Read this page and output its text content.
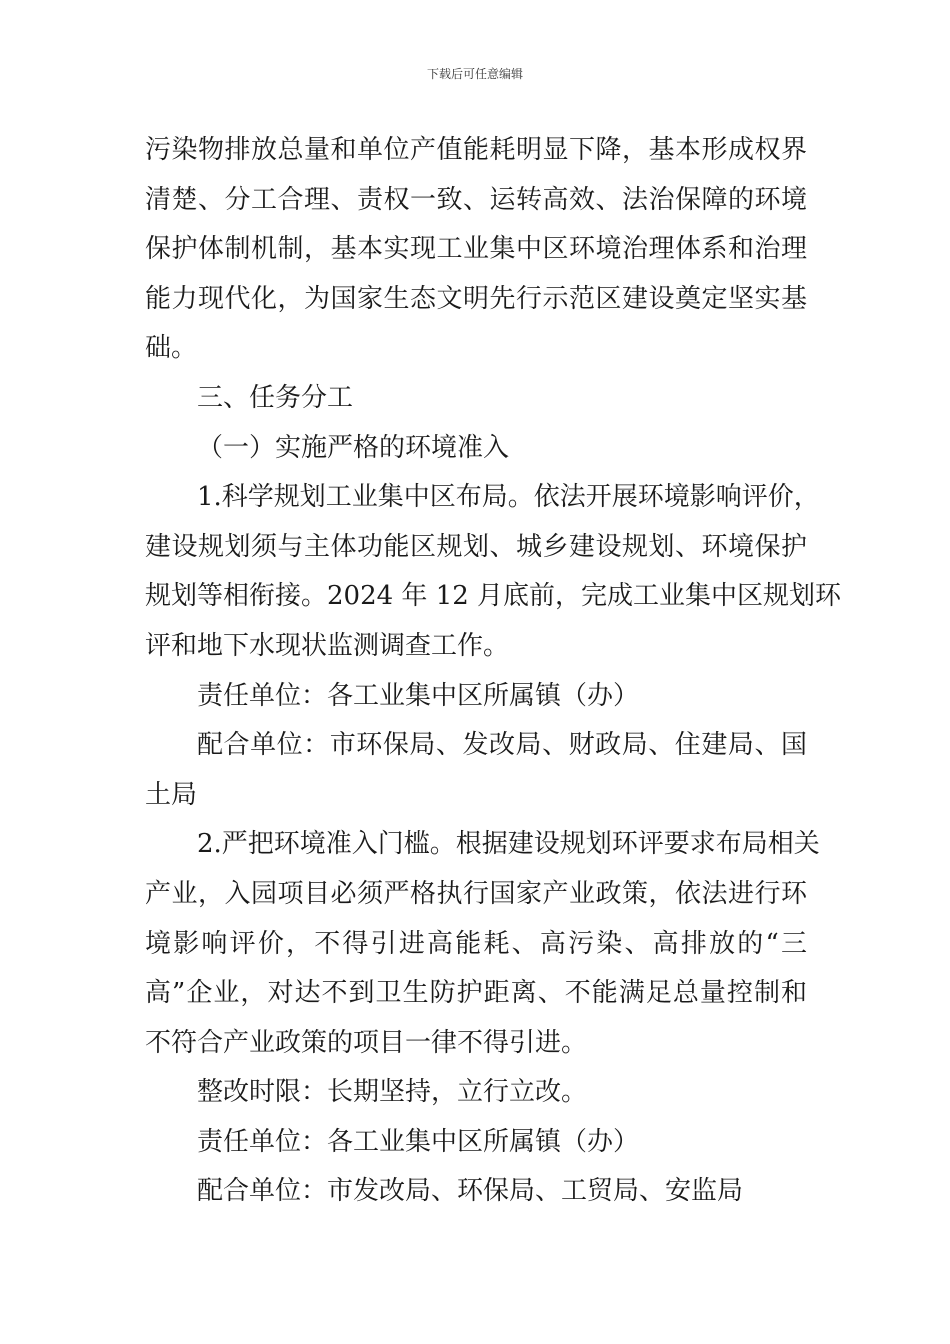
下载后可任意编辑
污染物排放总量和单位产值能耗明显下降，基本形成权界
清楚、分工合理、责权一致、运转高效、法治保障的环境
保护体制机制，基本实现工业集中区环境治理体系和治理
能力现代化，为国家生态文明先行示范区建设奠定坚实基
础。
三、任务分工
（一）实施严格的环境准入
1.科学规划工业集中区布局。依法开展环境影响评价，
建设规划须与主体功能区规划、城乡建设规划、环境保护
规划等相衔接。2024 年 12 月底前，完成工业集中区规划环
评和地下水现状监测调查工作。
责任单位：各工业集中区所属镇（办）
配合单位：市环保局、发改局、财政局、住建局、国
土局
2.严把环境准入门槛。根据建设规划环评要求布局相关
产业，入园项目必须严格执行国家产业政策，依法进行环
境影响评价，不得引进高能耗、高污染、高排放的“三
高”企业，对达不到卫生防护距离、不能满足总量控制和
不符合产业政策的项目一律不得引进。
整改时限：长期坚持，立行立改。
责任单位：各工业集中区所属镇（办）
配合单位：市发改局、环保局、工贸局、安监局
